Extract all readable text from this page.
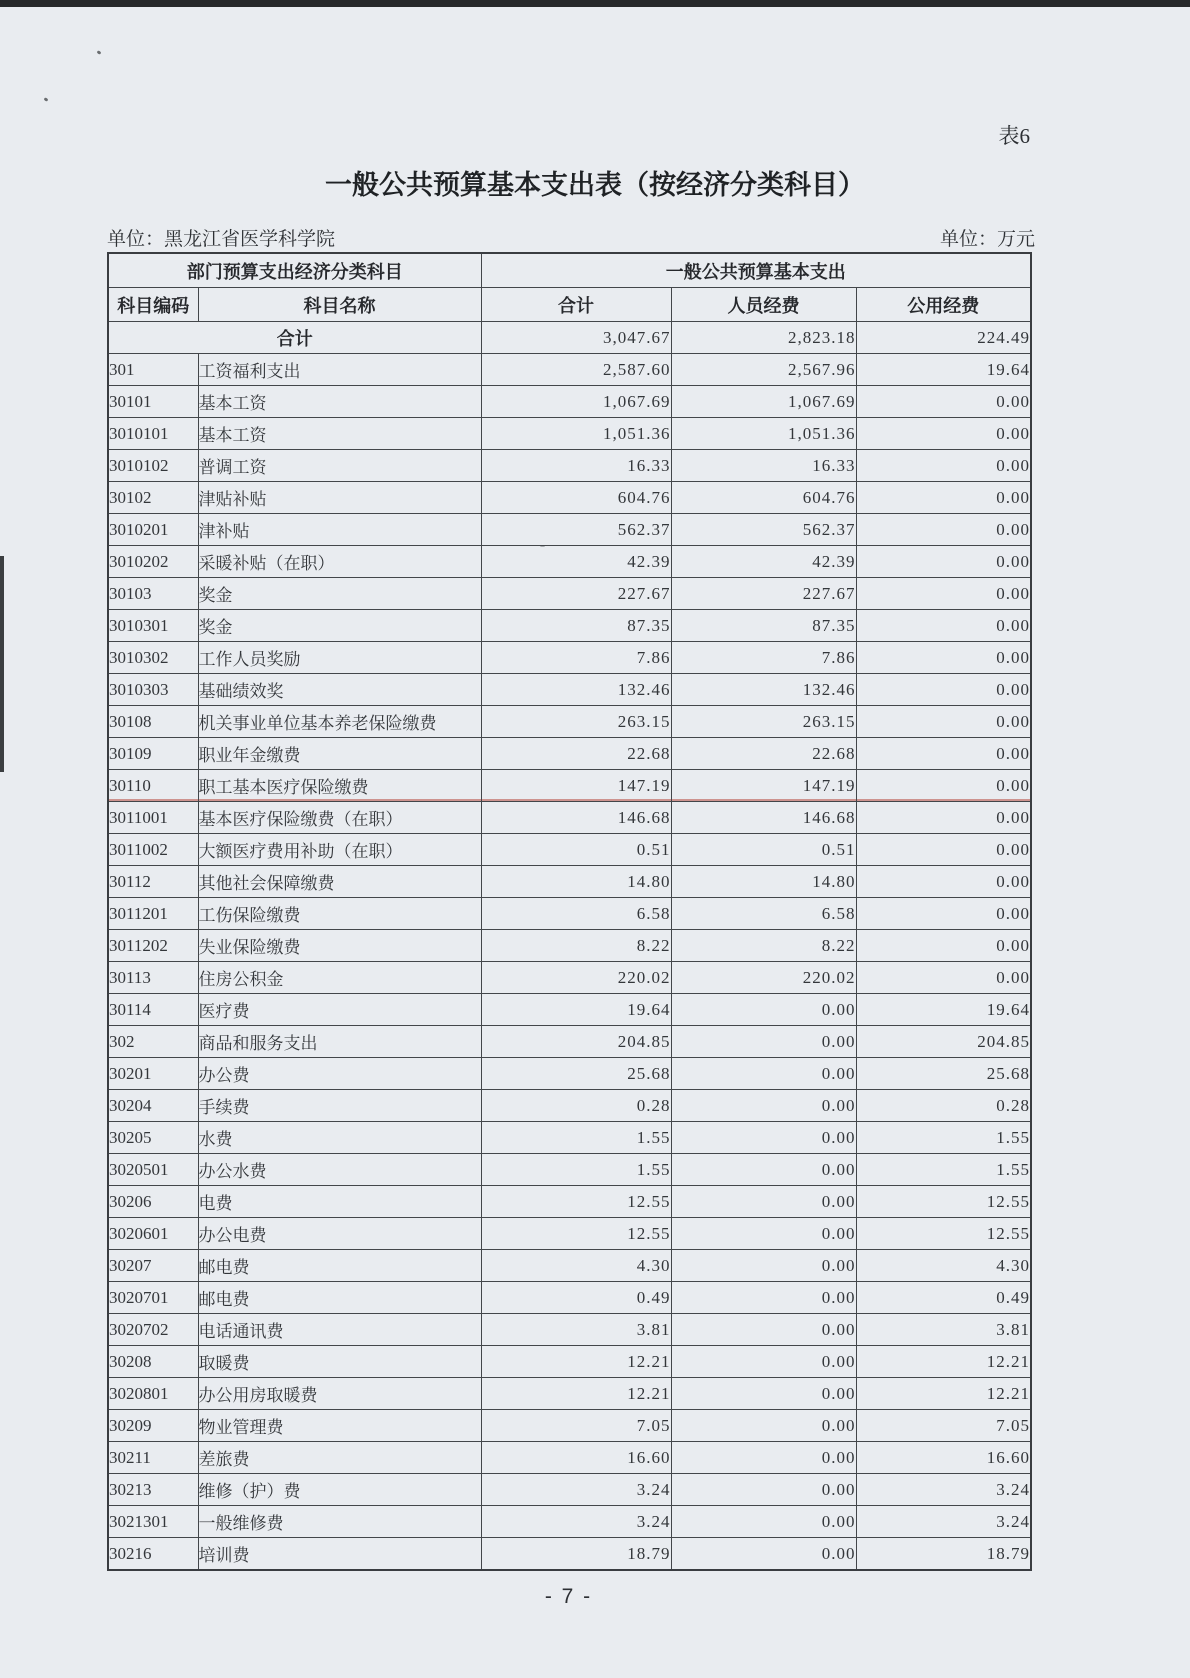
表6
一般公共预算基本支出表（按经济分类科目）
单位：黑龙江省医学科学院	单位：万元
部门预算支出经济分类科目		一般公共预算基本支出		
科目编码	科目名称	合计	人员经费	公用经费
合计		3,047.67	2,823.18	224.49
301	工资福利支出	2,587.60	2,567.96	19.64
30101	基本工资	1,067.69	1,067.69	0.00
3010101	基本工资	1,051.36	1,051.36	0.00
3010102	普调工资	16.33	16.33	0.00
30102	津贴补贴	604.76	604.76	0.00
3010201	津补贴	562.37	562.37	0.00
3010202	采暖补贴（在职）	42.39	42.39	0.00
30103	奖金	227.67	227.67	0.00
3010301	奖金	87.35	87.35	0.00
3010302	工作人员奖励	7.86	7.86	0.00
3010303	基础绩效奖	132.46	132.46	0.00
30108	机关事业单位基本养老保险缴费	263.15	263.15	0.00
30109	职业年金缴费	22.68	22.68	0.00
30110	职工基本医疗保险缴费	147.19	147.19	0.00
3011001	基本医疗保险缴费（在职）	146.68	146.68	0.00
3011002	大额医疗费用补助（在职）	0.51	0.51	0.00
30112	其他社会保障缴费	14.80	14.80	0.00
3011201	工伤保险缴费	6.58	6.58	0.00
3011202	失业保险缴费	8.22	8.22	0.00
30113	住房公积金	220.02	220.02	0.00
30114	医疗费	19.64	0.00	19.64
302	商品和服务支出	204.85	0.00	204.85
30201	办公费	25.68	0.00	25.68
30204	手续费	0.28	0.00	0.28
30205	水费	1.55	0.00	1.55
3020501	办公水费	1.55	0.00	1.55
30206	电费	12.55	0.00	12.55
3020601	办公电费	12.55	0.00	12.55
30207	邮电费	4.30	0.00	4.30
3020701	邮电费	0.49	0.00	0.49
3020702	电话通讯费	3.81	0.00	3.81
30208	取暖费	12.21	0.00	12.21
3020801	办公用房取暖费	12.21	0.00	12.21
30209	物业管理费	7.05	0.00	7.05
30211	差旅费	16.60	0.00	16.60
30213	维修（护）费	3.24	0.00	3.24
3021301	一般维修费	3.24	0.00	3.24
30216	培训费	18.79	0.00	18.79
- 7 -
